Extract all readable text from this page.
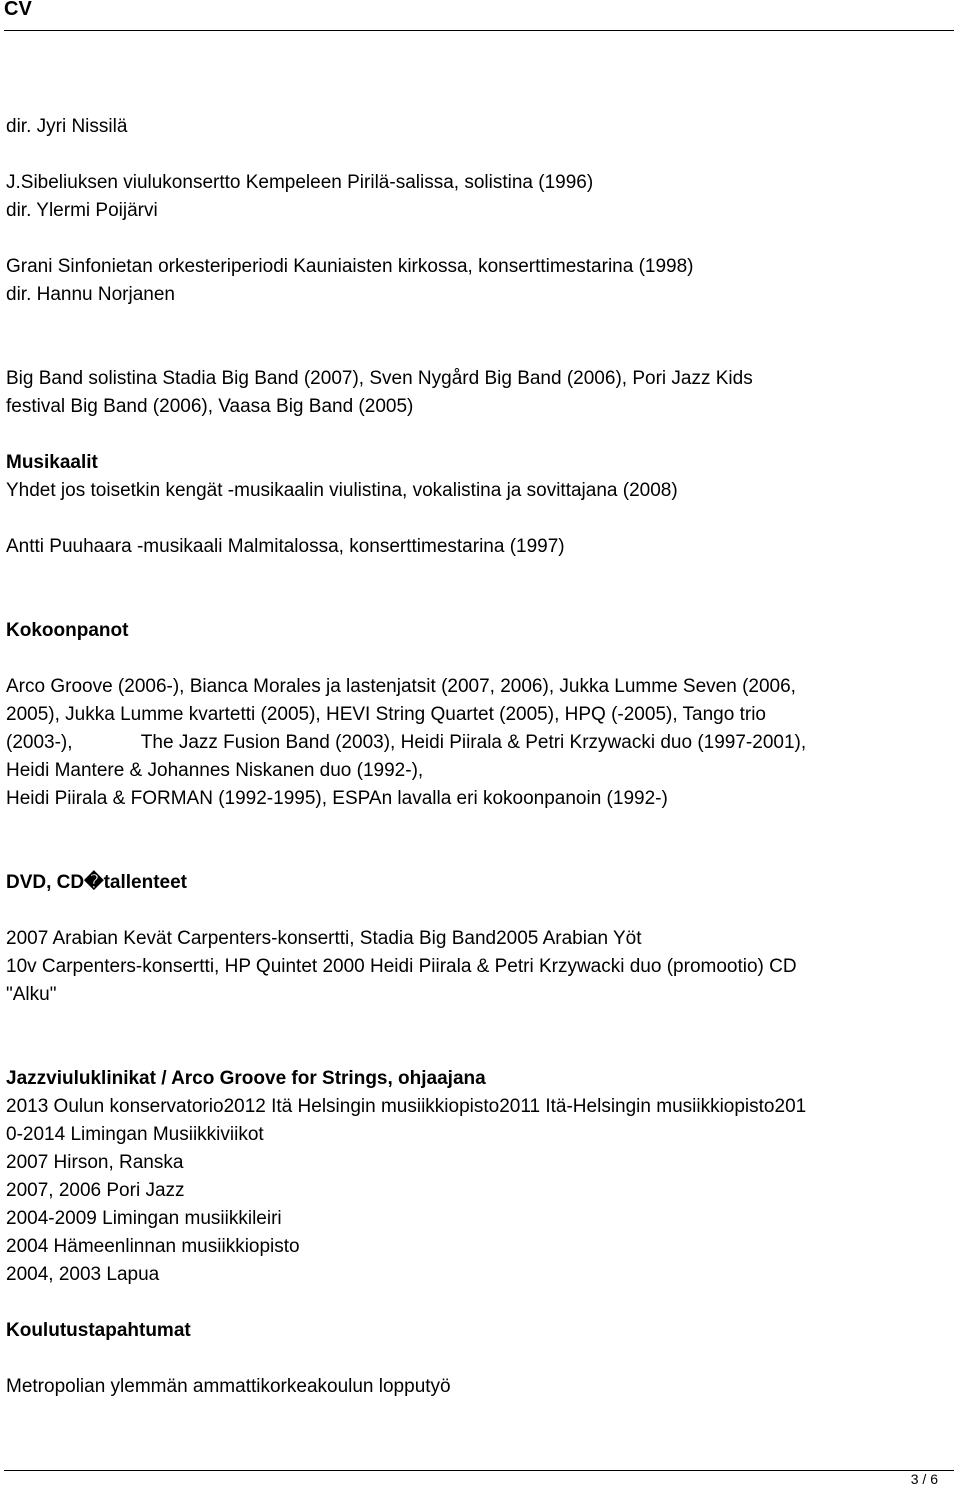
CV
dir. Jyri Nissilä
J.Sibeliuksen viulukonsertto Kempeleen Pirilä-salissa, solistina (1996)
dir. Ylermi Poijärvi
Grani Sinfonietan orkesteriperiodi Kauniaisten kirkossa, konserttimestarina (1998)
dir. Hannu Norjanen
Big Band solistina Stadia Big Band (2007), Sven Nygård Big Band (2006), Pori Jazz Kids
festival Big Band (2006), Vaasa Big Band (2005)
Musikaalit
Yhdet jos toisetkin kengät -musikaalin viulistina, vokalistina ja sovittajana (2008)
Antti Puuhaara -musikaali Malmitalossa, konserttimestarina (1997)
Kokoonpanot
Arco Groove (2006-), Bianca Morales ja lastenjatsit (2007, 2006), Jukka Lumme Seven (2006,
2005), Jukka Lumme kvartetti (2005), HEVI String Quartet (2005), HPQ (-2005), Tango trio
(2003-),             The Jazz Fusion Band (2003), Heidi Piirala & Petri Krzywacki duo (1997-2001),
Heidi Mantere & Johannes Niskanen duo (1992-),
Heidi Piirala & FORMAN (1992-1995), ESPAn lavalla eri kokoonpanoin (1992-)
DVD, CD�tallenteet
2007 Arabian Kevät Carpenters-konsertti, Stadia Big Band2005 Arabian Yöt
10v Carpenters-konsertti, HP Quintet 2000 Heidi Piirala & Petri Krzywacki duo (promootio) CD
"Alku"
Jazzviuluklinikat / Arco Groove for Strings, ohjaajana
2013 Oulun konservatorio2012 Itä Helsingin musiikkiopisto2011 Itä-Helsingin musiikkiopisto201
0-2014 Limingan Musiikkiviikot
2007 Hirson, Ranska
2007, 2006 Pori Jazz
2004-2009 Limingan musiikkileiri
2004 Hämeenlinnan musiikkiopisto
2004, 2003 Lapua
Koulutustapahtumat
Metropolian ylemmän ammattikorkeakoulun lopputyö
3 / 6
